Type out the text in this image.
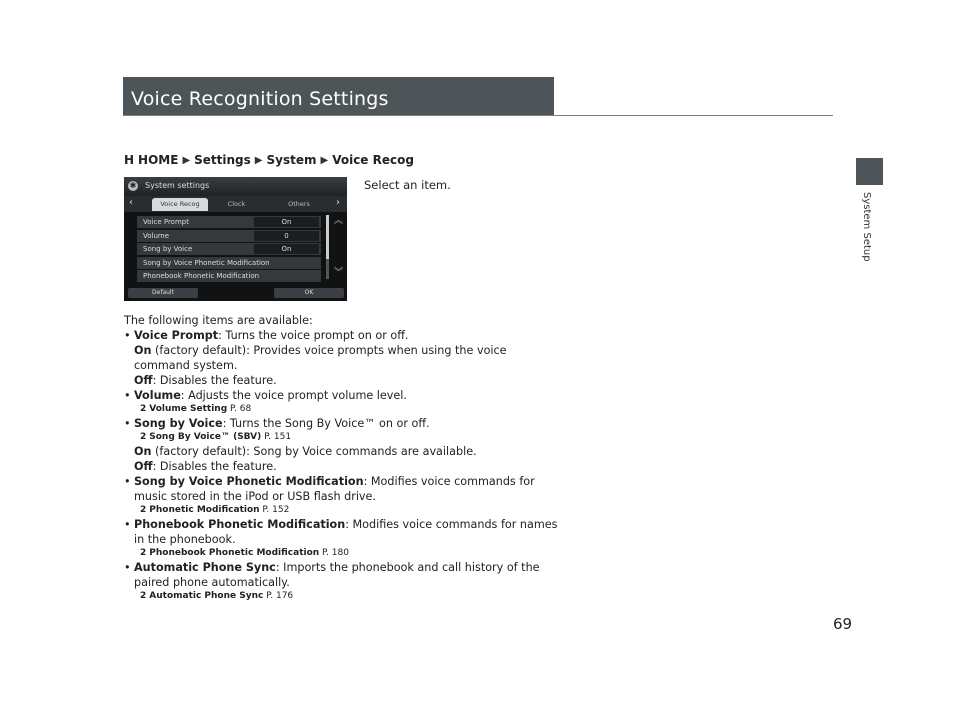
Voice Recognition Settings
System Setup
H HOME ▶ Settings ▶ System ▶ Voice Recog
Select an item.
✱ System settings
‹	Voice Recog	Clock	Others	›
Voice Prompt	On
Volume	0
Song by Voice	On
Song by Voice Phonetic Modification
Phonebook Phonetic Modification
︽
︾
Default	OK

The following items are available:

• Voice Prompt: Turns the voice prompt on or off.

On (factory default): Provides voice prompts when using the voice command system.

Off: Disables the feature.

• Volume: Adjusts the voice prompt volume level.

2 Volume Setting P. 68

• Song by Voice: Turns the Song By Voice™ on or off.

2 Song By Voice™ (SBV) P. 151

On (factory default): Song by Voice commands are available.

Off: Disables the feature.

• Song by Voice Phonetic Modification: Modifies voice commands for music stored in the iPod or USB flash drive.

2 Phonetic Modification P. 152

• Phonebook Phonetic Modification: Modifies voice commands for names in the phonebook.

2 Phonebook Phonetic Modification P. 180

• Automatic Phone Sync: Imports the phonebook and call history of the paired phone automatically.

2 Automatic Phone Sync P. 176

69
